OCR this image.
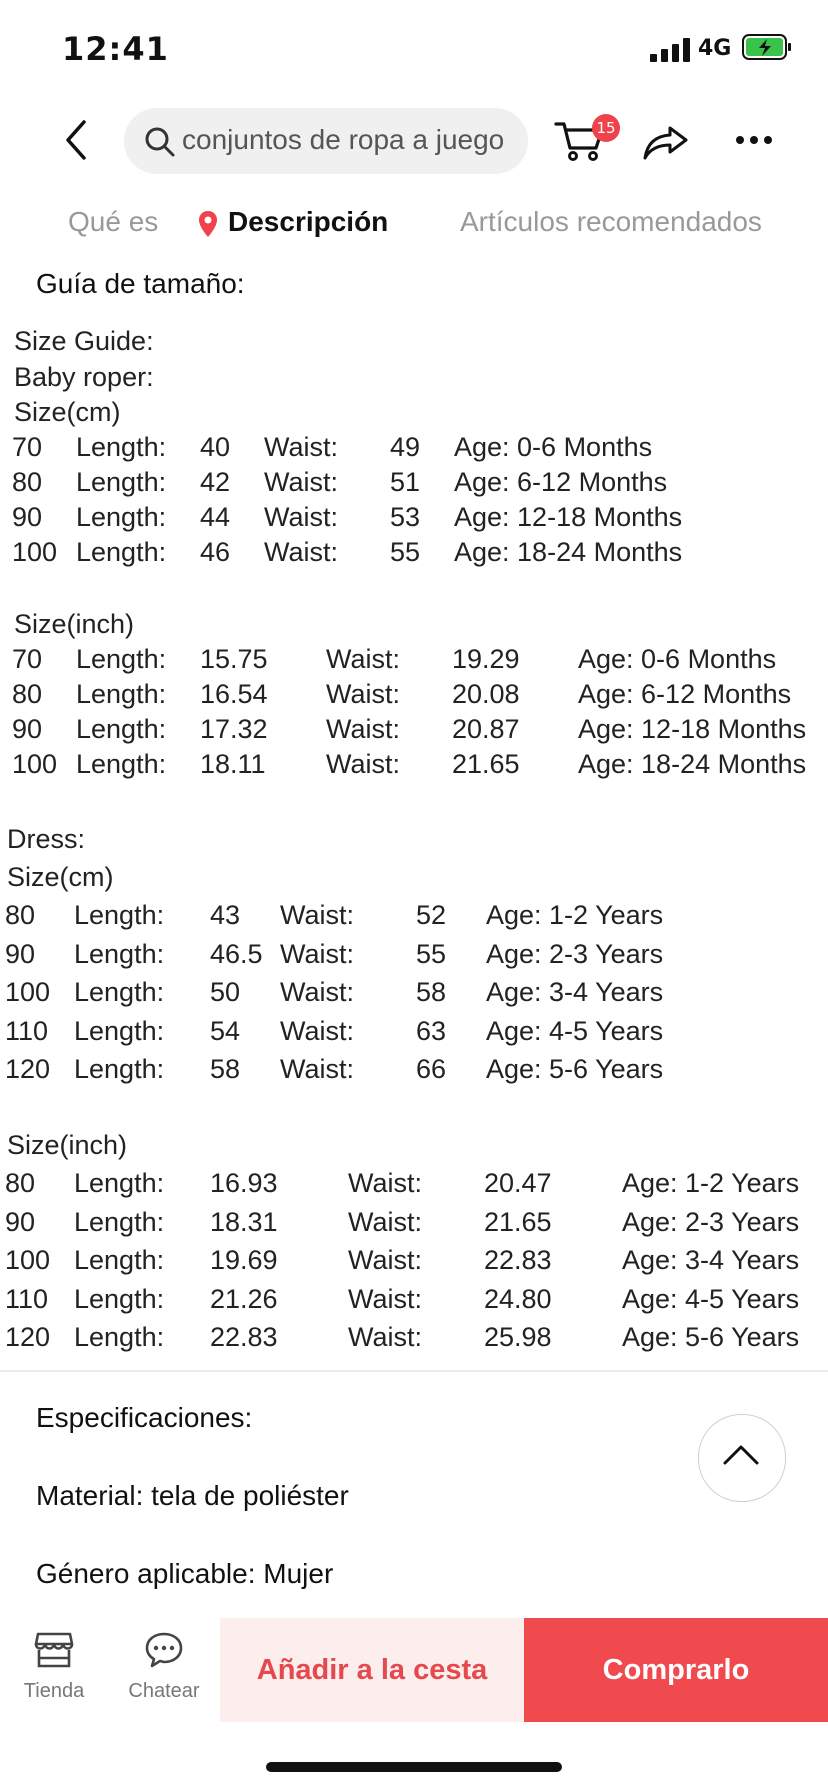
12:41	4G
conjuntos de ropa a juego	15
Qué es Descripción	Artículos recomendados
Guía de tamaño:
Size Guide:
Baby roper:
Size(cm)
Size(inch)
Dress:
Size(cm)
Size(inch)
70 Length: 40 Waist: 49 Age: 0-6 Months
80 Length: 42 Waist: 51 Age: 6-12 Months
90 Length: 44 Waist: 53 Age: 12-18 Months
100 Length: 46 Waist: 55 Age: 18-24 Months
70 Length: 15.75 Waist: 19.29 Age: 0-6 Months
80 Length: 16.54 Waist: 20.08 Age: 6-12 Months
90 Length: 17.32 Waist: 20.87 Age: 12-18 Months
100 Length: 18.11 Waist: 21.65 Age: 18-24 Months
80 Length: 43 Waist: 52 Age: 1-2 Years
90 Length: 46.5 Waist: 55 Age: 2-3 Years
100 Length: 50 Waist: 58 Age: 3-4 Years
110 Length: 54 Waist: 63 Age: 4-5 Years
120 Length: 58 Waist: 66 Age: 5-6 Years
80 Length: 16.93	Waist: 20.47	Age: 1-2 Years
90 Length: 18.31	Waist: 21.65	Age: 2-3 Years
100 Length: 19.69	Waist: 22.83	Age: 3-4 Years
110 Length: 21.26	Waist: 24.80	Age: 4-5 Years
120 Length: 22.83	Waist: 25.98	Age: 5-6 Years
Especificaciones:
Material: tela de poliéster
Género aplicable: Mujer
Tienda	Chatear
Añadir a la cesta	Comprarlo
